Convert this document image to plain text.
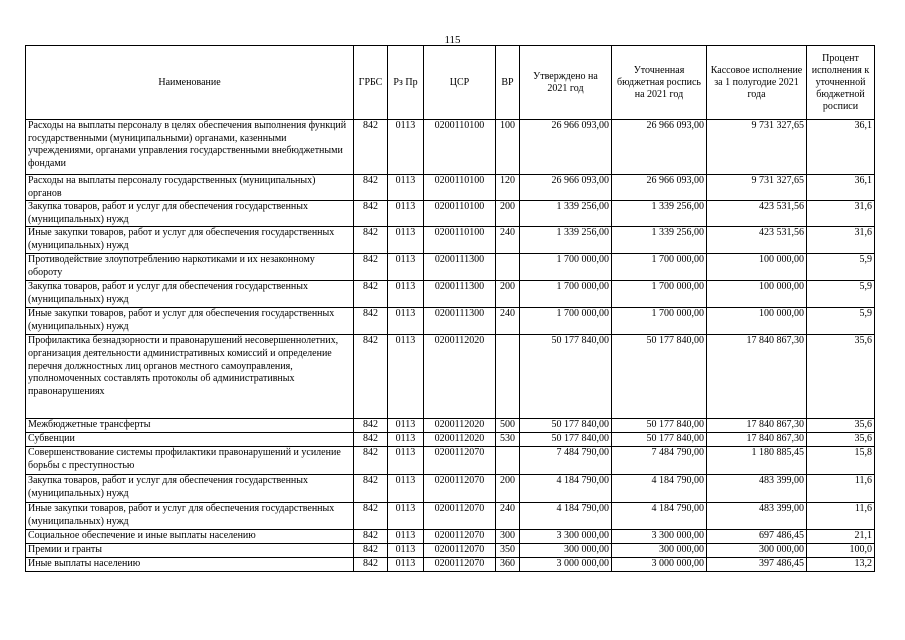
115
Наименование	ГРБС	Рз Пр	ЦСР	ВР	Утверждено на 2021 год	Уточненная бюджетная роспись на 2021 год	Кассовое исполнение за 1 полугодие 2021 года	Процент исполнения к уточненной бюджетной росписи
Расходы на выплаты персоналу в целях обеспечения выполнения функций государственными (муниципальными) органами, казенными учреждениями, органами управления государственными внебюджетными фондами	842	0113	0200110100	100	26 966 093,00	26 966 093,00	9 731 327,65	36,1
Расходы на выплаты персоналу государственных (муниципальных) органов	842	0113	0200110100	120	26 966 093,00	26 966 093,00	9 731 327,65	36,1
Закупка товаров, работ и услуг для обеспечения государственных (муниципальных) нужд	842	0113	0200110100	200	1 339 256,00	1 339 256,00	423 531,56	31,6
Иные закупки товаров, работ и услуг для обеспечения государственных (муниципальных) нужд	842	0113	0200110100	240	1 339 256,00	1 339 256,00	423 531,56	31,6
Противодействие злоупотреблению наркотиками и их незаконному обороту	842	0113	0200111300		1 700 000,00	1 700 000,00	100 000,00	5,9
Закупка товаров, работ и услуг для обеспечения государственных (муниципальных) нужд	842	0113	0200111300	200	1 700 000,00	1 700 000,00	100 000,00	5,9
Иные закупки товаров, работ и услуг для обеспечения государственных (муниципальных) нужд	842	0113	0200111300	240	1 700 000,00	1 700 000,00	100 000,00	5,9
Профилактика безнадзорности и правонарушений несовершеннолетних, организация деятельности административных комиссий и определение перечня должностных лиц органов местного самоуправления, уполномоченных составлять протоколы об административных правонарушениях	842	0113	0200112020		50 177 840,00	50 177 840,00	17 840 867,30	35,6
Межбюджетные трансферты	842	0113	0200112020	500	50 177 840,00	50 177 840,00	17 840 867,30	35,6
Субвенции	842	0113	0200112020	530	50 177 840,00	50 177 840,00	17 840 867,30	35,6
Совершенствование системы профилактики правонарушений и усиление борьбы с преступностью	842	0113	0200112070		7 484 790,00	7 484 790,00	1 180 885,45	15,8
Закупка товаров, работ и услуг для обеспечения государственных (муниципальных) нужд	842	0113	0200112070	200	4 184 790,00	4 184 790,00	483 399,00	11,6
Иные закупки товаров, работ и услуг для обеспечения государственных (муниципальных) нужд	842	0113	0200112070	240	4 184 790,00	4 184 790,00	483 399,00	11,6
Социальное обеспечение и иные выплаты населению	842	0113	0200112070	300	3 300 000,00	3 300 000,00	697 486,45	21,1
Премии и гранты	842	0113	0200112070	350	300 000,00	300 000,00	300 000,00	100,0
Иные выплаты населению	842	0113	0200112070	360	3 000 000,00	3 000 000,00	397 486,45	13,2
